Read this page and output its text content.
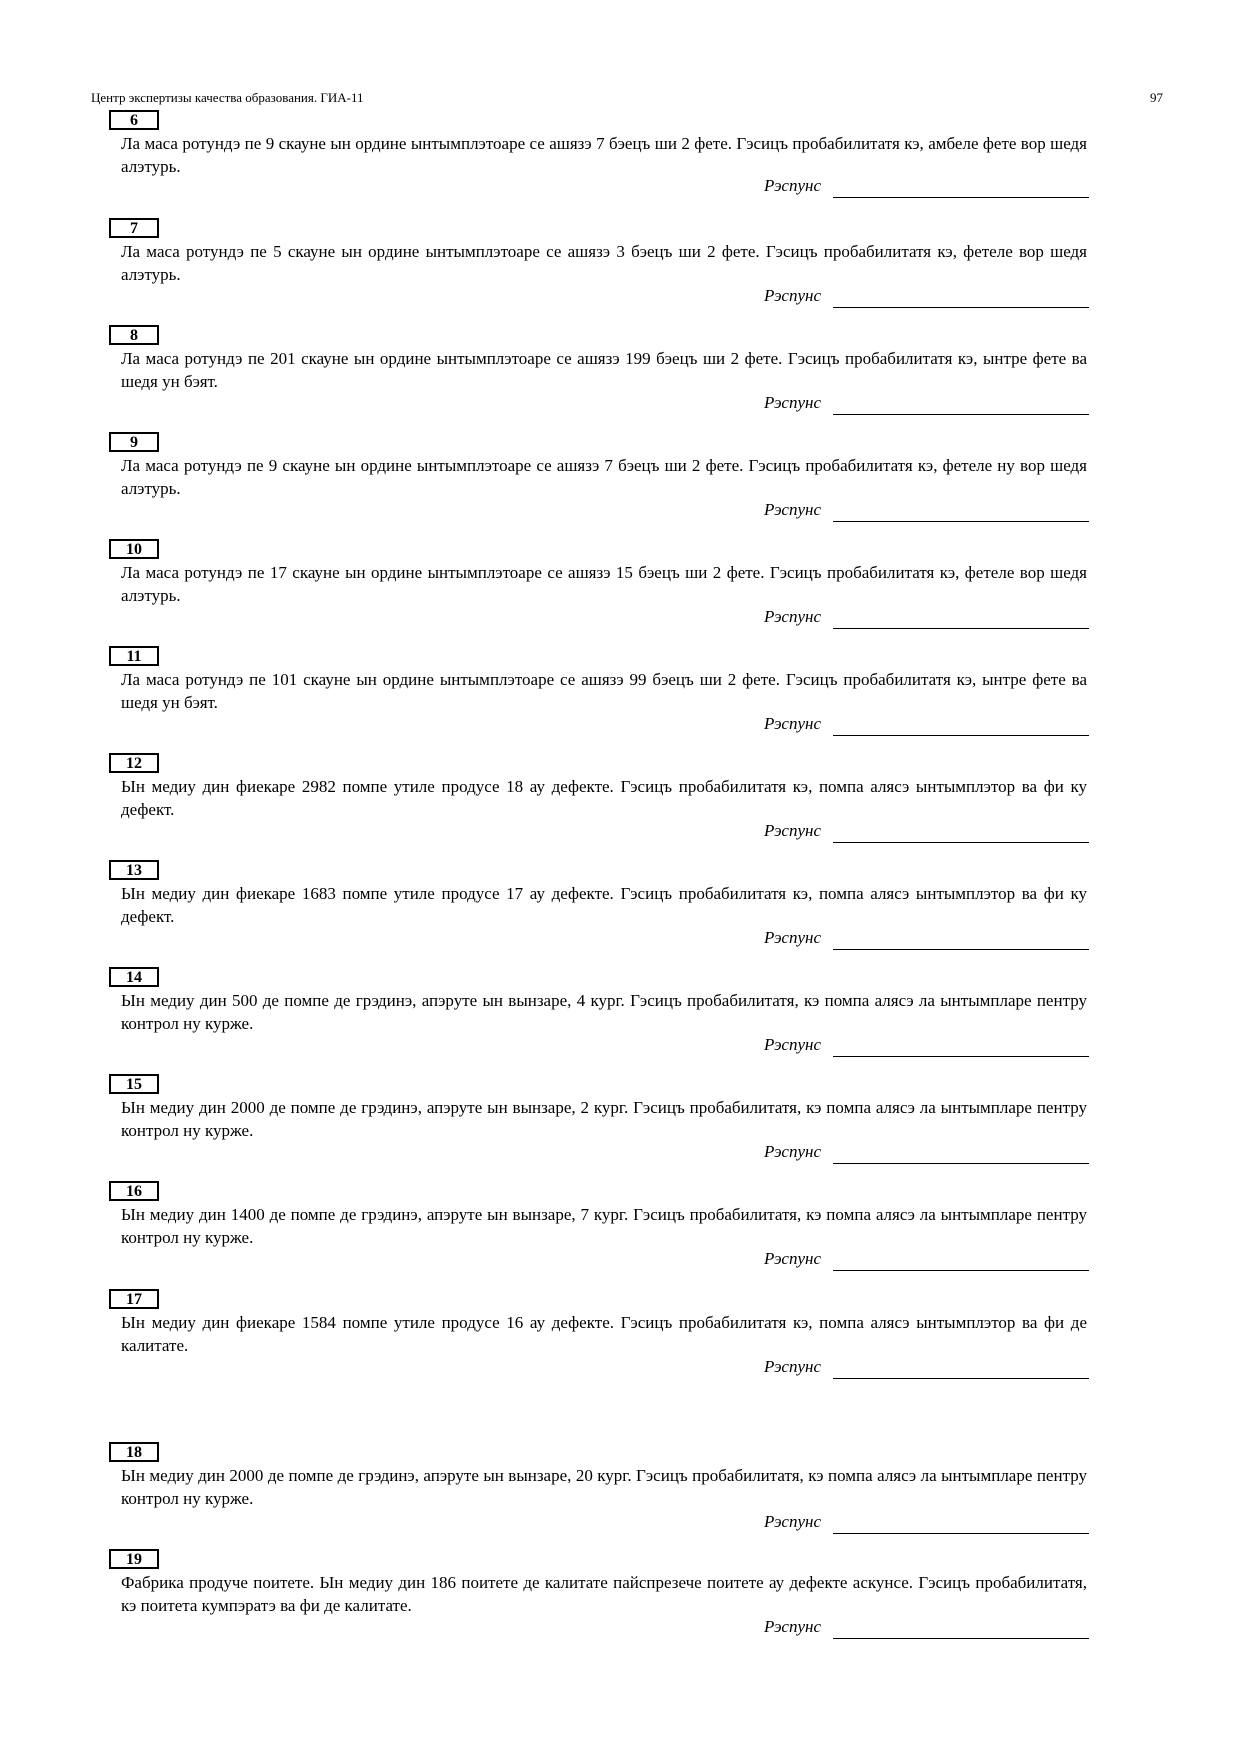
Центр экспертизы качества образования. ГИА-11	97
6
Ла маса ротундэ пе 9 скауне ын ордине ынтымплэтоаре се ашязэ 7 бэецъ ши 2 фете. Гэсицъ пробабилитатя кэ, амбеле фете вор шедя алэтурь.
Рэспунс
7
Ла маса ротундэ пе 5 скауне ын ордине ынтымплэтоаре се ашязэ 3 бэецъ ши 2 фете. Гэсицъ пробабилитатя кэ, фетеле вор шедя алэтурь.
Рэспунс
8
Ла маса ротундэ пе 201 скауне ын ордине ынтымплэтоаре се ашязэ 199 бэецъ ши 2 фете. Гэсицъ пробабилитатя кэ, ынтре фете ва шедя ун бэят.
Рэспунс
9
Ла маса ротундэ пе 9 скауне ын ордине ынтымплэтоаре се ашязэ 7 бэецъ ши 2 фете. Гэсицъ пробабилитатя кэ, фетеле ну вор шедя алэтурь.
Рэспунс
10
Ла маса ротундэ пе 17 скауне ын ордине ынтымплэтоаре се ашязэ 15 бэецъ ши 2 фете. Гэсицъ пробабилитатя кэ, фетеле вор шедя алэтурь.
Рэспунс
11
Ла маса ротундэ пе 101 скауне ын ордине ынтымплэтоаре се ашязэ 99 бэецъ ши 2 фете. Гэсицъ пробабилитатя кэ, ынтре фете ва шедя ун бэят.
Рэспунс
12
Ын медиу дин фиекаре 2982 помпе утиле продусе 18 ау дефекте. Гэсицъ пробабилитатя кэ, помпа алясэ ынтымплэтор ва фи ку дефект.
Рэспунс
13
Ын медиу дин фиекаре 1683 помпе утиле продусе 17 ау дефекте. Гэсицъ пробабилитатя кэ, помпа алясэ ынтымплэтор ва фи ку дефект.
Рэспунс
14
Ын медиу дин 500 де помпе де грэдинэ, апэруте ын вынзаре, 4 кург. Гэсицъ пробабилитатя, кэ помпа алясэ ла ынтымпларе пентру контрол ну курже.
Рэспунс
15
Ын медиу дин 2000 де помпе де грэдинэ, апэруте ын вынзаре, 2 кург. Гэсицъ пробабилитатя, кэ помпа алясэ ла ынтымпларе пентру контрол ну курже.
Рэспунс
16
Ын медиу дин 1400 де помпе де грэдинэ, апэруте ын вынзаре, 7 кург. Гэсицъ пробабилитатя, кэ помпа алясэ ла ынтымпларе пентру контрол ну курже.
Рэспунс
17
Ын медиу дин фиекаре 1584 помпе утиле продусе 16 ау дефекте. Гэсицъ пробабилитатя кэ, помпа алясэ ынтымплэтор ва фи де калитате.
Рэспунс
18
Ын медиу дин 2000 де помпе де грэдинэ, апэруте ын вынзаре, 20 кург. Гэсицъ пробабилитатя, кэ помпа алясэ ла ынтымпларе пентру контрол ну курже.
Рэспунс
19
Фабрика продуче поитете. Ын медиу дин 186 поитете де калитате пайспрезече поитете ау дефекте аскунсе. Гэсицъ пробабилитатя, кэ поитета кумпэратэ ва фи де калитате.
Рэспунс
